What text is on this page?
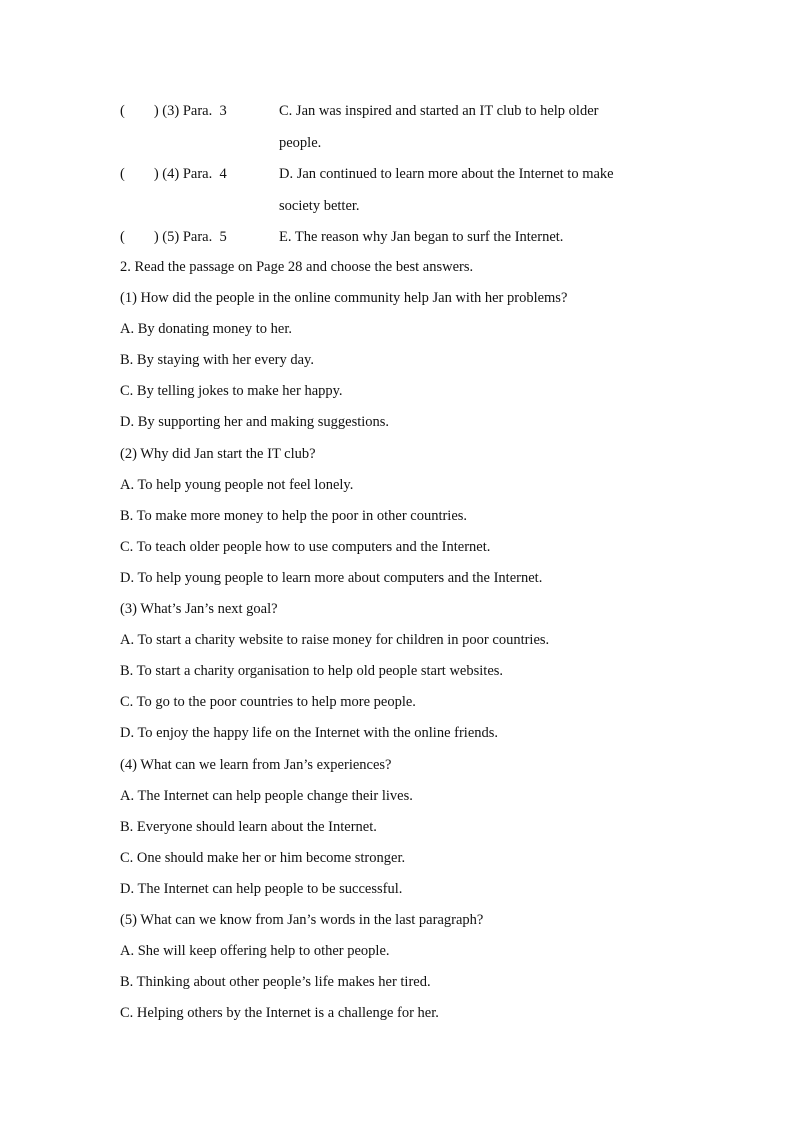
(        ) (3) Para.  3	C. Jan was inspired and started an IT club to help older
people.
(        ) (4) Para.  4	D. Jan continued to learn more about the Internet to make
society better.
(        ) (5) Para.  5	E. The reason why Jan began to surf the Internet.
2. Read the passage on Page 28 and choose the best answers.
(1) How did the people in the online community help Jan with her problems?
A. By donating money to her.
B. By staying with her every day.
C. By telling jokes to make her happy.
D. By supporting her and making suggestions.
(2) Why did Jan start the IT club?
A. To help young people not feel lonely.
B. To make more money to help the poor in other countries.
C. To teach older people how to use computers and the Internet.
D. To help young people to learn more about computers and the Internet.
(3) What’s Jan’s next goal?
A. To start a charity website to raise money for children in poor countries.
B. To start a charity organisation to help old people start websites.
C. To go to the poor countries to help more people.
D. To enjoy the happy life on the Internet with the online friends.
(4) What can we learn from Jan’s experiences?
A. The Internet can help people change their lives.
B. Everyone should learn about the Internet.
C. One should make her or him become stronger.
D. The Internet can help people to be successful.
(5) What can we know from Jan’s words in the last paragraph?
A. She will keep offering help to other people.
B. Thinking about other people’s life makes her tired.
C. Helping others by the Internet is a challenge for her.
